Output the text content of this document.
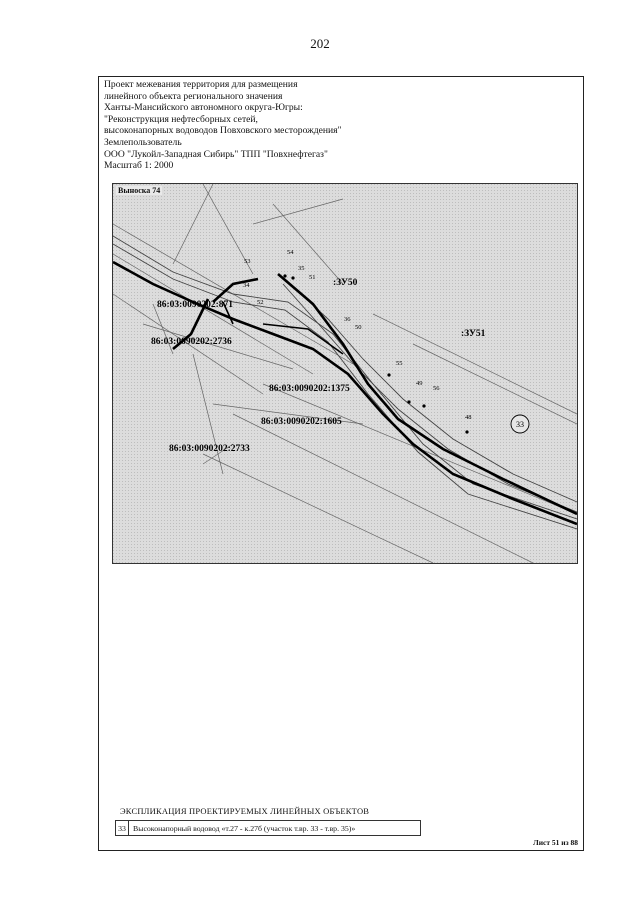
202
Проект межевания территория для размещения
линейного объекта регионального значения
Ханты-Мансийского автономного округа-Югры:
"Реконструкция нефтесборных сетей,
высоконапорных водоводов Повховского месторождения"
Землепользователь
ООО "Лукойл-Западная Сибирь" ТПП "Повхнефтегаз"
Масштаб 1: 2000
86:03:0090202:871
86:03:0090202:2736
86:03:0090202:1375
86:03:0090202:1605
86:03:0090202:2733
:ЗУ50
:ЗУ51
54
53
35
34
51
52
36
50
55
49
56
48
33
Выноска 74
ЭКСПЛИКАЦИЯ ПРОЕКТИРУЕМЫХ ЛИНЕЙНЫХ ОБЪЕКТОВ
33 Высоконапорный водовод «т.27 - к.27б (участок т.вр. 33 - т.вр. 35)»
Лист 51 из 88
